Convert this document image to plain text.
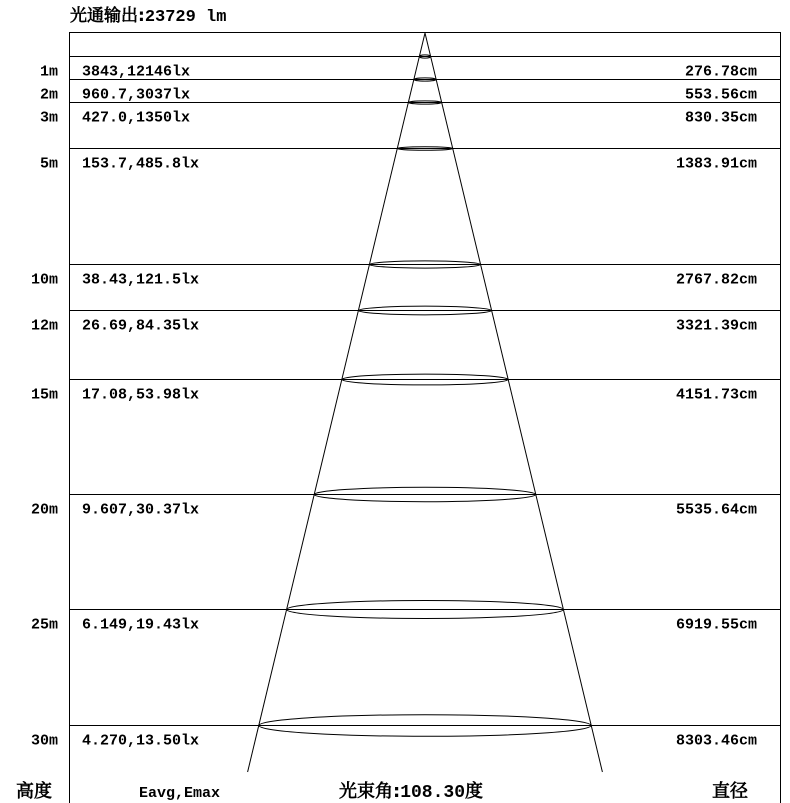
光通输出:23729 lm
1m 3843,12146lx	276.78cm
2m 960.7,3037lx	553.56cm
3m 427.0,1350lx	830.35cm
5m 153.7,485.8lx	1383.91cm
10m 38.43,121.5lx	2767.82cm
12m 26.69,84.35lx	3321.39cm
15m 17.08,53.98lx	4151.73cm
20m 9.607,30.37lx	5535.64cm
25m 6.149,19.43lx	6919.55cm
30m 4.270,13.50lx	8303.46cm
高度	Eavg,Emax	光束角:108.30度	直径
